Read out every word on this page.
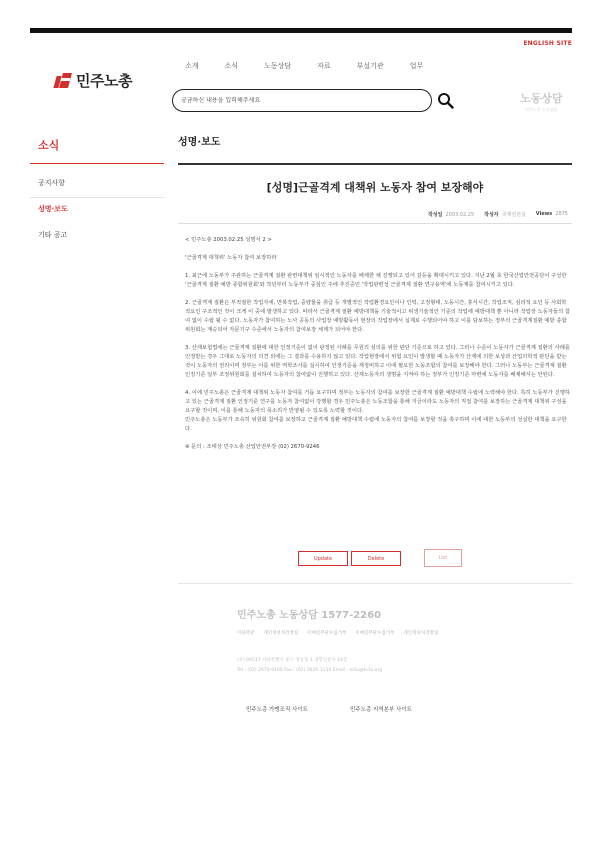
ENGLISH SITE
민주노총
소개	소식	노동상담	자료	부설기관	업무
궁금하신 내용을 입력해주세요
노동상담
민주노총 노동상담
소식
공지사항
성명·보도
기타 공고
성명·보도
[성명]근골격계 대책위 노동자 참여 보장해야
작성일 2003.02.25 작성자 국제선전실 Views 2875

< 민주노총 2003.02.25 성명서 2 >

'근골격계 대책위' 노동자 참여 보장하라

1. 최근에 노동부가 주관하는 근골격계 질환 관련대책위 임시적인 노동자를 배제한 채 진행되고 있어 갈등을 확대시키고 있다. 지난 2월 초 한국산업안전공단이 구성한 '근골격계 질환 예방 종합위원회'와 작년부터 노동부가 중심인 주에 추진중인 '작업관련성 근골격계 질환 연구용역'에 노동계를 참여시키고 있다.

2. 근골격계 질환은 부적절한 작업자세, 반복작업, 중량물을 취급 등 개별적인 작업환경요인이나 인력, 고정형태, 노동시간, 휴식시간, 작업조직, 심리적 요인 등 사회학적요인 구조적인 것이 크게 이 중에 발생하고 있다. 따라서 근골격계 질환 예방대책을 기술적이고 위생기술적인 기준의 작업에 예방대책 뿐 아니라 작업장 노동자들의 참여 없이 수립 될 수 없다. 노동자가 참여하는 노사 공동의 사업장 예방활동이 현장의 작업장에서 실제로 수행되어야 하고 이를 담보하는 정부의 근골격계질환 예방 종합위원회는 계승되어 자문기구 수준에서 노동자의 참여보장 체제가 되어야 한다.

3. 산재보험법에는 근골격계 질환에 대한 인정기준이 없어 판정된 사례를 무원의 심의를 위한 판단 기준으로 하고 있다. 그러나 수준이 노동자가 근골격계 질환의 사례를 인정받는 경우 그대로 노동자의 의견 외에는 그 결과를 수용하지 않고 있다. 작업현장에서 위험 요인이 발생할 때 노동자가 산재에 의한 보상과 산업의학적 판단을 받는 것이 노동자의 권리이며 정부는 이를 위한 역학조사를 실시하여 인정기준을 재정비하고 이에 필요한 노동조합의 참여를 보장해야 한다. 그러나 노동부는 근골격계 질환 인정기준 일부 조정위원회를 설치하여 노동자의 참여없이 진행하고 있다. 산재노동자의 생명을 지켜야 하는 정부가 인정기준 마련에 노동자를 배제해서는 안된다.

4. 이에 민주노총은 근골격계 대책위 노동자 참여를 거듭 요구하며 정부는 노동자의 참여를 보장한 근골격계 질환 예방대책 수립에 노력해야 한다. 특히 노동부가 진행하고 있는 근골격계 질환 인정기준 연구를 노동자 참여없이 강행할 경우 민주노총은 노동조합을 통해 지금이라도 노동자의 직접 참여를 보장하는 근골격계 대책위 구성을 요구할 것이며, 이를 통해 노동자의 목소리가 반영될 수 있도록 노력할 것이다.

민주노총은 노동부가 조속히 위원회 참여를 보장하고 근골격계 질환 예방대책 수립에 노동자의 참여를 보장할 것을 촉구하며 이에 대한 노동부의 성실한 대책을 요구한다.

※ 문의 : 조태상 민주노총 산업안전부장 (02) 2670-9246

Update	Delete	List
민주노총 노동상담 1577-2260
이용약관 개인정보처리방침 이메일무단수집거부 이메일무단수집거부 개인정보처리방침
(우) 04517 서울특별시 중구 정동길 3 경향신문사 14층
Tel : (02) 2670-9100 Fax : (02) 2635-1134 Email : kctu@kctu.org
민주노총 가맹조직 사이트	민주노총 지역본부 사이트
